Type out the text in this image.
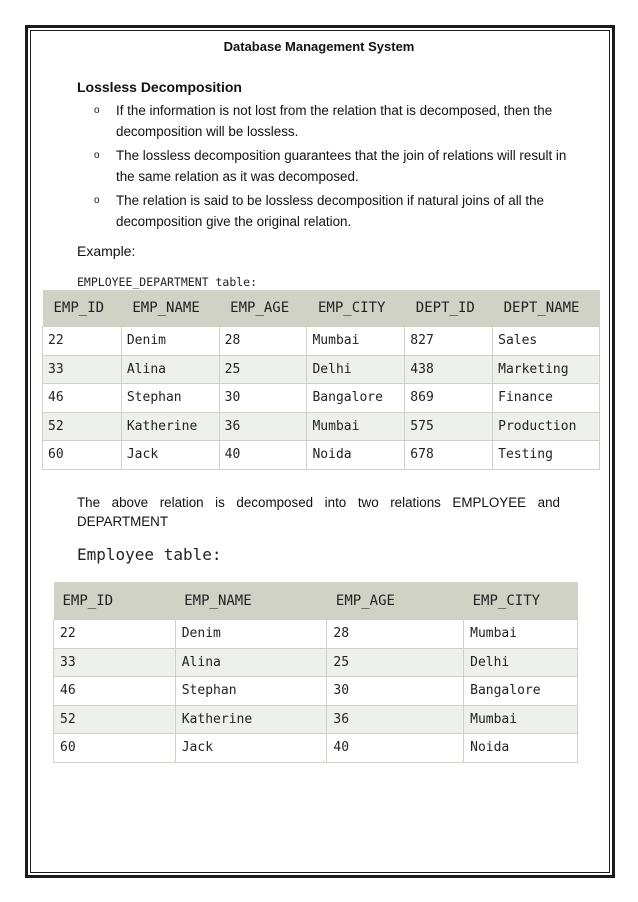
Database Management System
Lossless Decomposition
o If the information is not lost from the relation that is decomposed, then the decomposition will be lossless.
o The lossless decomposition guarantees that the join of relations will result in the same relation as it was decomposed.
o The relation is said to be lossless decomposition if natural joins of all the decomposition give the original relation.
Example:
EMPLOYEE_DEPARTMENT table:
EMP_ID	EMP_NAME	EMP_AGE	EMP_CITY	DEPT_ID	DEPT_NAME
22	Denim	28	Mumbai	827	Sales
33	Alina	25	Delhi	438	Marketing
46	Stephan	30	Bangalore	869	Finance
52	Katherine	36	Mumbai	575	Production
60	Jack	40	Noida	678	Testing
The above relation is decomposed into two relations EMPLOYEE and DEPARTMENT
Employee table:
EMP_ID	EMP_NAME	EMP_AGE	EMP_CITY
22	Denim	28	Mumbai
33	Alina	25	Delhi
46	Stephan	30	Bangalore
52	Katherine	36	Mumbai
60	Jack	40	Noida
